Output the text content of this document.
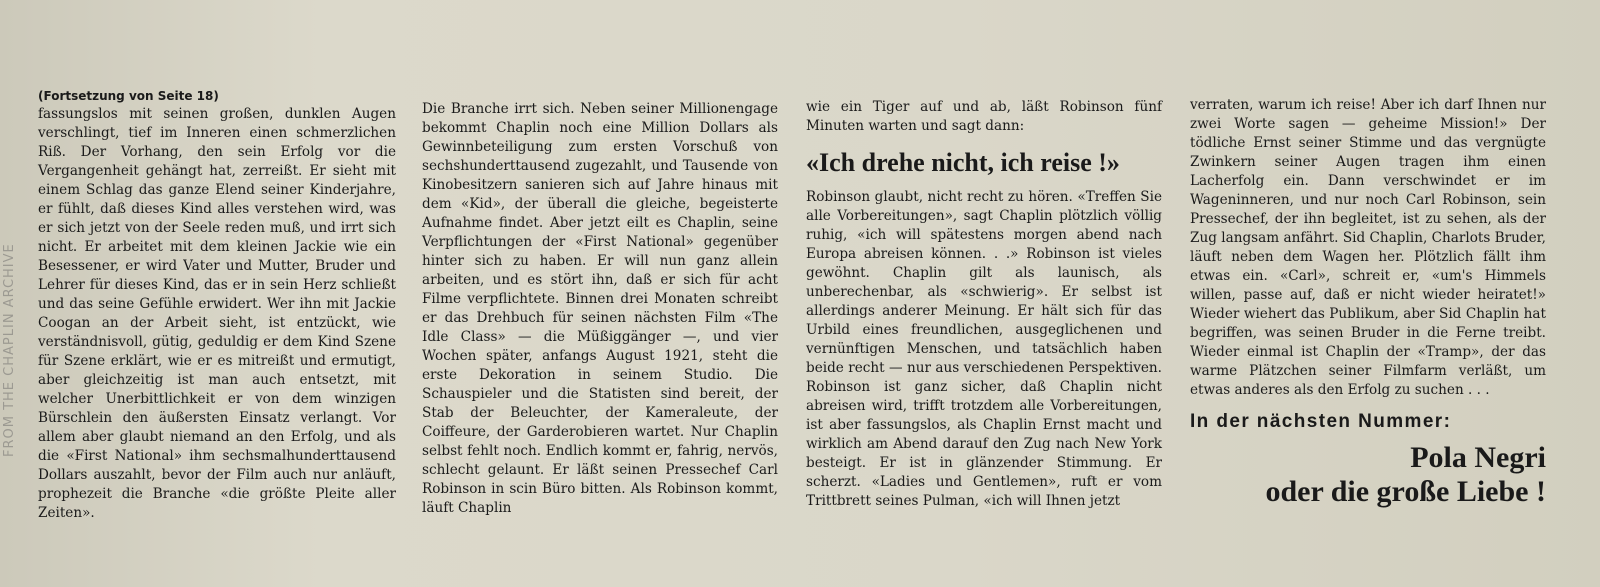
FROM THE CHAPLIN ARCHIVE

(Fortsetzung von Seite 18)

fassungslos mit seinen großen, dunklen Augen verschlingt, tief im Inneren einen schmerzlichen Riß. Der Vorhang, den sein Erfolg vor die Vergangenheit gehängt hat, zerreißt. Er sieht mit einem Schlag das ganze Elend seiner Kinderjahre, er fühlt, daß dieses Kind alles verstehen wird, was er sich jetzt von der Seele reden muß, und irrt sich nicht. Er arbeitet mit dem kleinen Jackie wie ein Besessener, er wird Vater und Mutter, Bruder und Lehrer für dieses Kind, das er in sein Herz schließt und das seine Gefühle erwidert. Wer ihn mit Jackie Coogan an der Arbeit sieht, ist entzückt, wie verständnisvoll, gütig, geduldig er dem Kind Szene für Szene erklärt, wie er es mitreißt und ermutigt, aber gleichzeitig ist man auch entsetzt, mit welcher Unerbittlichkeit er von dem winzigen Bürschlein den äußersten Einsatz verlangt. Vor allem aber glaubt niemand an den Erfolg, und als die «First National» ihm sechsmalhunderttausend Dollars auszahlt, bevor der Film auch nur anläuft, prophezeit die Branche «die größte Pleite aller Zeiten».

Die Branche irrt sich. Neben seiner Millionengage bekommt Chaplin noch eine Million Dollars als Gewinnbeteiligung zum ersten Vorschuß von sechshunderttausend zugezahlt, und Tausende von Kinobesitzern sanieren sich auf Jahre hinaus mit dem «Kid», der überall die gleiche, begeisterte Aufnahme findet. Aber jetzt eilt es Chaplin, seine Verpflichtungen der «First National» gegenüber hinter sich zu haben. Er will nun ganz allein arbeiten, und es stört ihn, daß er sich für acht Filme verpflichtete. Binnen drei Monaten schreibt er das Drehbuch für seinen nächsten Film «The Idle Class» — die Müßiggänger —, und vier Wochen später, anfangs August 1921, steht die erste Dekoration in seinem Studio. Die Schauspieler und die Statisten sind bereit, der Stab der Beleuchter, der Kameraleute, der Coiffeure, der Garderobieren wartet. Nur Chaplin selbst fehlt noch. Endlich kommt er, fahrig, nervös, schlecht gelaunt. Er läßt seinen Pressechef Carl Robinson in scin Büro bitten. Als Robinson kommt, läuft Chaplin

wie ein Tiger auf und ab, läßt Robinson fünf Minuten warten und sagt dann:

«Ich drehe nicht, ich reise !»

Robinson glaubt, nicht recht zu hören. «Treffen Sie alle Vorbereitungen», sagt Chaplin plötzlich völlig ruhig, «ich will spätestens morgen abend nach Europa abreisen können. . .» Robinson ist vieles gewöhnt. Chaplin gilt als launisch, als unberechenbar, als «schwierig». Er selbst ist allerdings anderer Meinung. Er hält sich für das Urbild eines freundlichen, ausgeglichenen und vernünftigen Menschen, und tatsächlich haben beide recht — nur aus verschiedenen Perspektiven. Robinson ist ganz sicher, daß Chaplin nicht abreisen wird, trifft trotzdem alle Vorbereitungen, ist aber fassungslos, als Chaplin Ernst macht und wirklich am Abend darauf den Zug nach New York besteigt. Er ist in glänzender Stimmung. Er scherzt. «Ladies und Gentlemen», ruft er vom Trittbrett seines Pulman, «ich will Ihnen jetzt

verraten, warum ich reise! Aber ich darf Ihnen nur zwei Worte sagen — geheime Mission!» Der tödliche Ernst seiner Stimme und das vergnügte Zwinkern seiner Augen tragen ihm einen Lacherfolg ein. Dann verschwindet er im Wageninneren, und nur noch Carl Robinson, sein Pressechef, der ihn begleitet, ist zu sehen, als der Zug langsam anfährt. Sid Chaplin, Charlots Bruder, läuft neben dem Wagen her. Plötzlich fällt ihm etwas ein. «Carl», schreit er, «um's Himmels willen, passe auf, daß er nicht wieder heiratet!» Wieder wiehert das Publikum, aber Sid Chaplin hat begriffen, was seinen Bruder in die Ferne treibt. Wieder einmal ist Chaplin der «Tramp», der das warme Plätzchen seiner Filmfarm verläßt, um etwas anderes als den Erfolg zu suchen . . .

In der nächsten Nummer:
Pola Negri
oder die große Liebe !
